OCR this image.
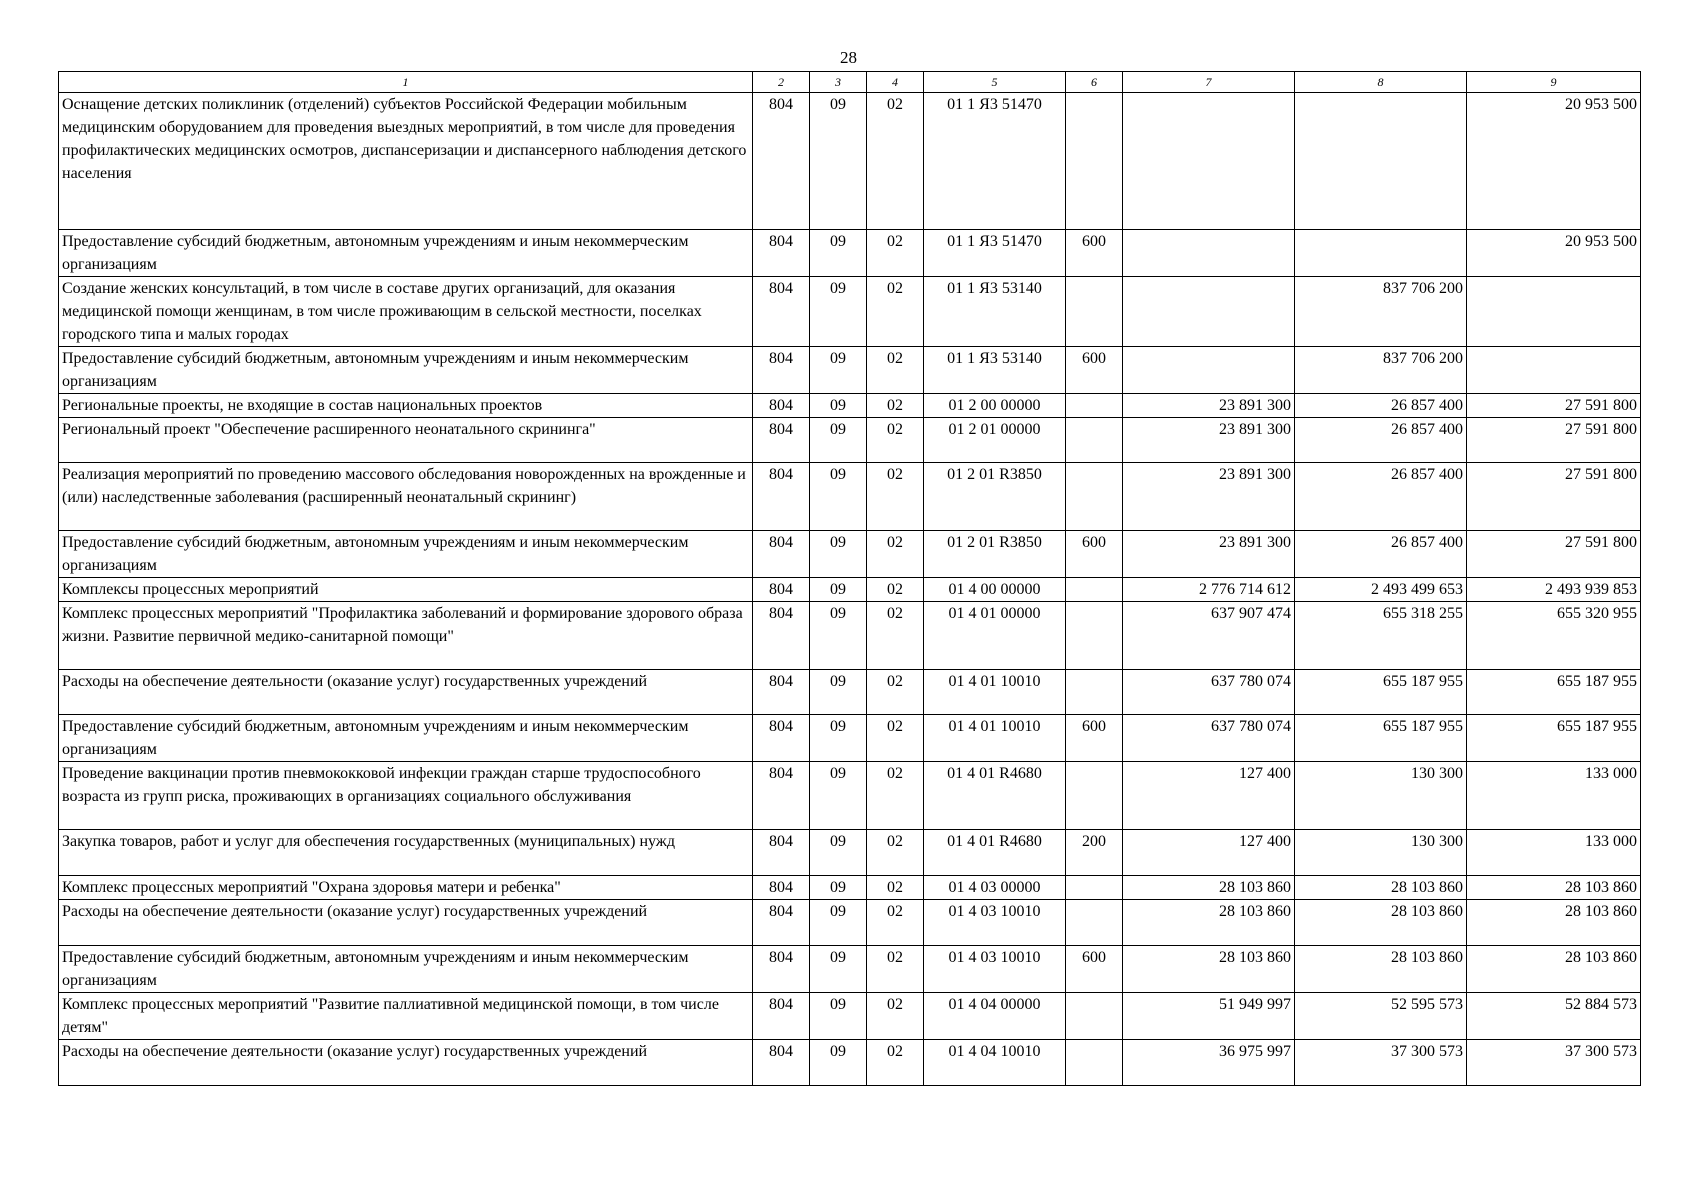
28
1	2	3	4	5	6	7	8	9
Оснащение детских поликлиник (отделений) субъектов Российской Федерации мобильным медицинским оборудованием для проведения выездных мероприятий, в том числе для проведения профилактических медицинских осмотров, диспансеризации и диспансерного наблюдения детского населения	804	09	02	01 1 Я3 51470				20 953 500
Предоставление субсидий бюджетным, автономным учреждениям и иным некоммерческим организациям	804	09	02	01 1 Я3 51470	600			20 953 500
Создание женских консультаций, в том числе в составе других организаций, для оказания медицинской помощи женщинам, в том числе проживающим в сельской местности, поселках городского типа и малых городах	804	09	02	01 1 Я3 53140			837 706 200	
Предоставление субсидий бюджетным, автономным учреждениям и иным некоммерческим организациям	804	09	02	01 1 Я3 53140	600		837 706 200	
Региональные проекты, не входящие в состав национальных проектов	804	09	02	01 2 00 00000		23 891 300	26 857 400	27 591 800
Региональный проект "Обеспечение расширенного неонатального скрининга"	804	09	02	01 2 01 00000		23 891 300	26 857 400	27 591 800
Реализация мероприятий по проведению массового обследования новорожденных на врожденные и (или) наследственные заболевания (расширенный неонатальный скрининг)	804	09	02	01 2 01 R3850		23 891 300	26 857 400	27 591 800
Предоставление субсидий бюджетным, автономным учреждениям и иным некоммерческим организациям	804	09	02	01 2 01 R3850	600	23 891 300	26 857 400	27 591 800
Комплексы процессных мероприятий	804	09	02	01 4 00 00000		2 776 714 612	2 493 499 653	2 493 939 853
Комплекс процессных мероприятий "Профилактика заболеваний и формирование здорового образа жизни. Развитие первичной медико-санитарной помощи"	804	09	02	01 4 01 00000		637 907 474	655 318 255	655 320 955
Расходы на обеспечение деятельности (оказание услуг) государственных учреждений	804	09	02	01 4 01 10010		637 780 074	655 187 955	655 187 955
Предоставление субсидий бюджетным, автономным учреждениям и иным некоммерческим организациям	804	09	02	01 4 01 10010	600	637 780 074	655 187 955	655 187 955
Проведение вакцинации против пневмококковой инфекции граждан старше трудоспособного возраста из групп риска, проживающих в организациях социального обслуживания	804	09	02	01 4 01 R4680		127 400	130 300	133 000
Закупка товаров, работ и услуг для обеспечения государственных (муниципальных) нужд	804	09	02	01 4 01 R4680	200	127 400	130 300	133 000
Комплекс процессных мероприятий "Охрана здоровья матери и ребенка"	804	09	02	01 4 03 00000		28 103 860	28 103 860	28 103 860
Расходы на обеспечение деятельности (оказание услуг) государственных учреждений	804	09	02	01 4 03 10010		28 103 860	28 103 860	28 103 860
Предоставление субсидий бюджетным, автономным учреждениям и иным некоммерческим организациям	804	09	02	01 4 03 10010	600	28 103 860	28 103 860	28 103 860
Комплекс процессных мероприятий "Развитие паллиативной медицинской помощи, в том числе детям"	804	09	02	01 4 04 00000		51 949 997	52 595 573	52 884 573
Расходы на обеспечение деятельности (оказание услуг) государственных учреждений	804	09	02	01 4 04 10010		36 975 997	37 300 573	37 300 573
